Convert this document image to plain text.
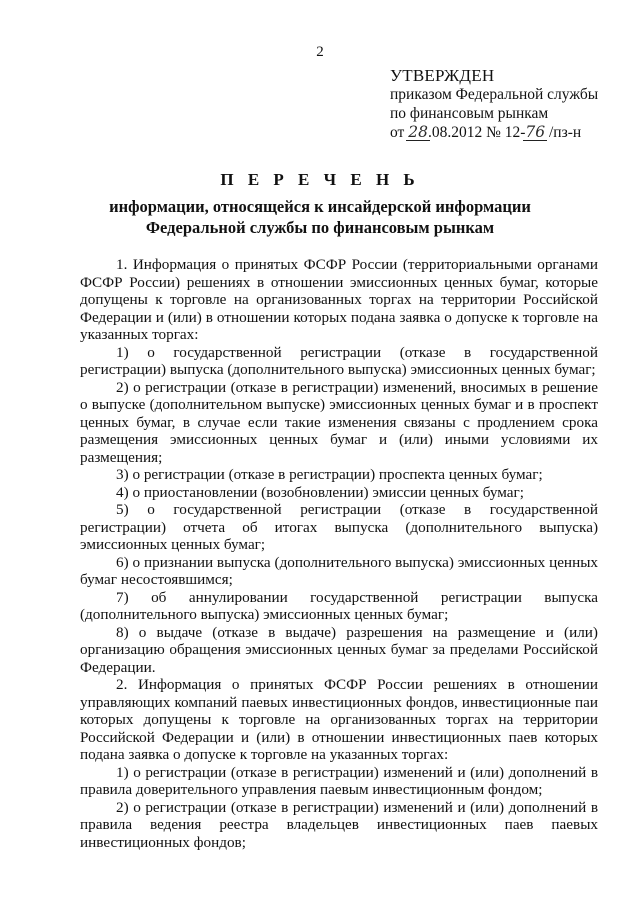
2
УТВЕРЖДЕН
приказом Федеральной службы
по финансовым рынкам
от 28.08.2012 № 12-76 /пз-н
П Е Р Е Ч Е Н Ь
информации, относящейся к инсайдерской информации
Федеральной службы по финансовым рынкам

1. Информация о принятых ФСФР России (территориальными органами ФСФР России) решениях в отношении эмиссионных ценных бумаг, которые допущены к торговле на организованных торгах на территории Российской Федерации и (или) в отношении которых подана заявка о допуске к торговле на указанных торгах:

1) о государственной регистрации (отказе в государственной регистрации) выпуска (дополнительного выпуска) эмиссионных ценных бумаг;

2) о регистрации (отказе в регистрации) изменений, вносимых в решение о выпуске (дополнительном выпуске) эмиссионных ценных бумаг и в проспект ценных бумаг, в случае если такие изменения связаны с продлением срока размещения эмиссионных ценных бумаг и (или) иными условиями их размещения;

3) о регистрации (отказе в регистрации) проспекта ценных бумаг;

4) о приостановлении (возобновлении) эмиссии ценных бумаг;

5) о государственной регистрации (отказе в государственной регистрации) отчета об итогах выпуска (дополнительного выпуска) эмиссионных ценных бумаг;

6) о признании выпуска (дополнительного выпуска) эмиссионных ценных бумаг несостоявшимся;

7) об аннулировании государственной регистрации выпуска (дополнительного выпуска) эмиссионных ценных бумаг;

8) о выдаче (отказе в выдаче) разрешения на размещение и (или) организацию обращения эмиссионных ценных бумаг за пределами Российской Федерации.

2. Информация о принятых ФСФР России решениях в отношении управляющих компаний паевых инвестиционных фондов, инвестиционные паи которых допущены к торговле на организованных торгах на территории Российской Федерации и (или) в отношении инвестиционных паев которых подана заявка о допуске к торговле на указанных торгах:

1) о регистрации (отказе в регистрации) изменений и (или) дополнений в правила доверительного управления паевым инвестиционным фондом;

2) о регистрации (отказе в регистрации) изменений и (или) дополнений в правила ведения реестра владельцев инвестиционных паев паевых инвестиционных фондов;
